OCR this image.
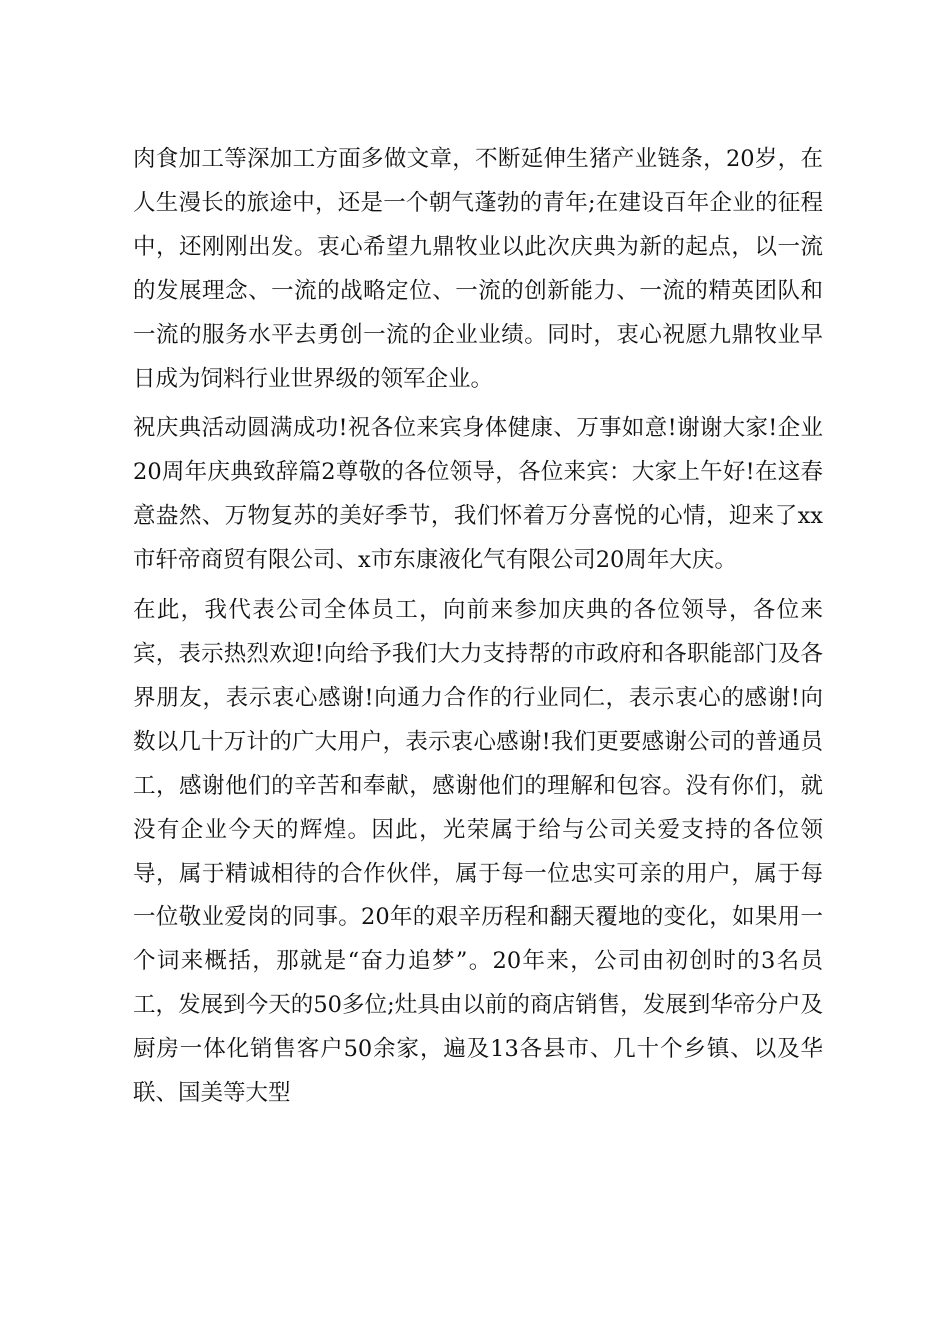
肉食加工等深加工方面多做文章，不断延伸生猪产业链条，20岁，在人生漫长的旅途中，还是一个朝气蓬勃的青年;在建设百年企业的征程中，还刚刚出发。衷心希望九鼎牧业以此次庆典为新的起点，以一流的发展理念、一流的战略定位、一流的创新能力、一流的精英团队和一流的服务水平去勇创一流的企业业绩。同时，衷心祝愿九鼎牧业早日成为饲料行业世界级的领军企业。

祝庆典活动圆满成功!祝各位来宾身体健康、万事如意!谢谢大家!企业20周年庆典致辞篇2尊敬的各位领导，各位来宾：大家上午好!在这春意盎然、万物复苏的美好季节，我们怀着万分喜悦的心情，迎来了xx市轩帝商贸有限公司、x市东康液化气有限公司20周年大庆。

在此，我代表公司全体员工，向前来参加庆典的各位领导，各位来宾，表示热烈欢迎!向给予我们大力支持帮的市政府和各职能部门及各界朋友，表示衷心感谢!向通力合作的行业同仁，表示衷心的感谢!向数以几十万计的广大用户，表示衷心感谢!我们更要感谢公司的普通员工，感谢他们的辛苦和奉献，感谢他们的理解和包容。没有你们，就没有企业今天的辉煌。因此，光荣属于给与公司关爱支持的各位领导，属于精诚相待的合作伙伴，属于每一位忠实可亲的用户，属于每一位敬业爱岗的同事。20年的艰辛历程和翻天覆地的变化，如果用一个词来概括，那就是“奋力追梦”。20年来，公司由初创时的3名员工，发展到今天的50多位;灶具由以前的商店销售，发展到华帝分户及厨房一体化销售客户50余家，遍及13各县市、几十个乡镇、以及华联、国美等大型
